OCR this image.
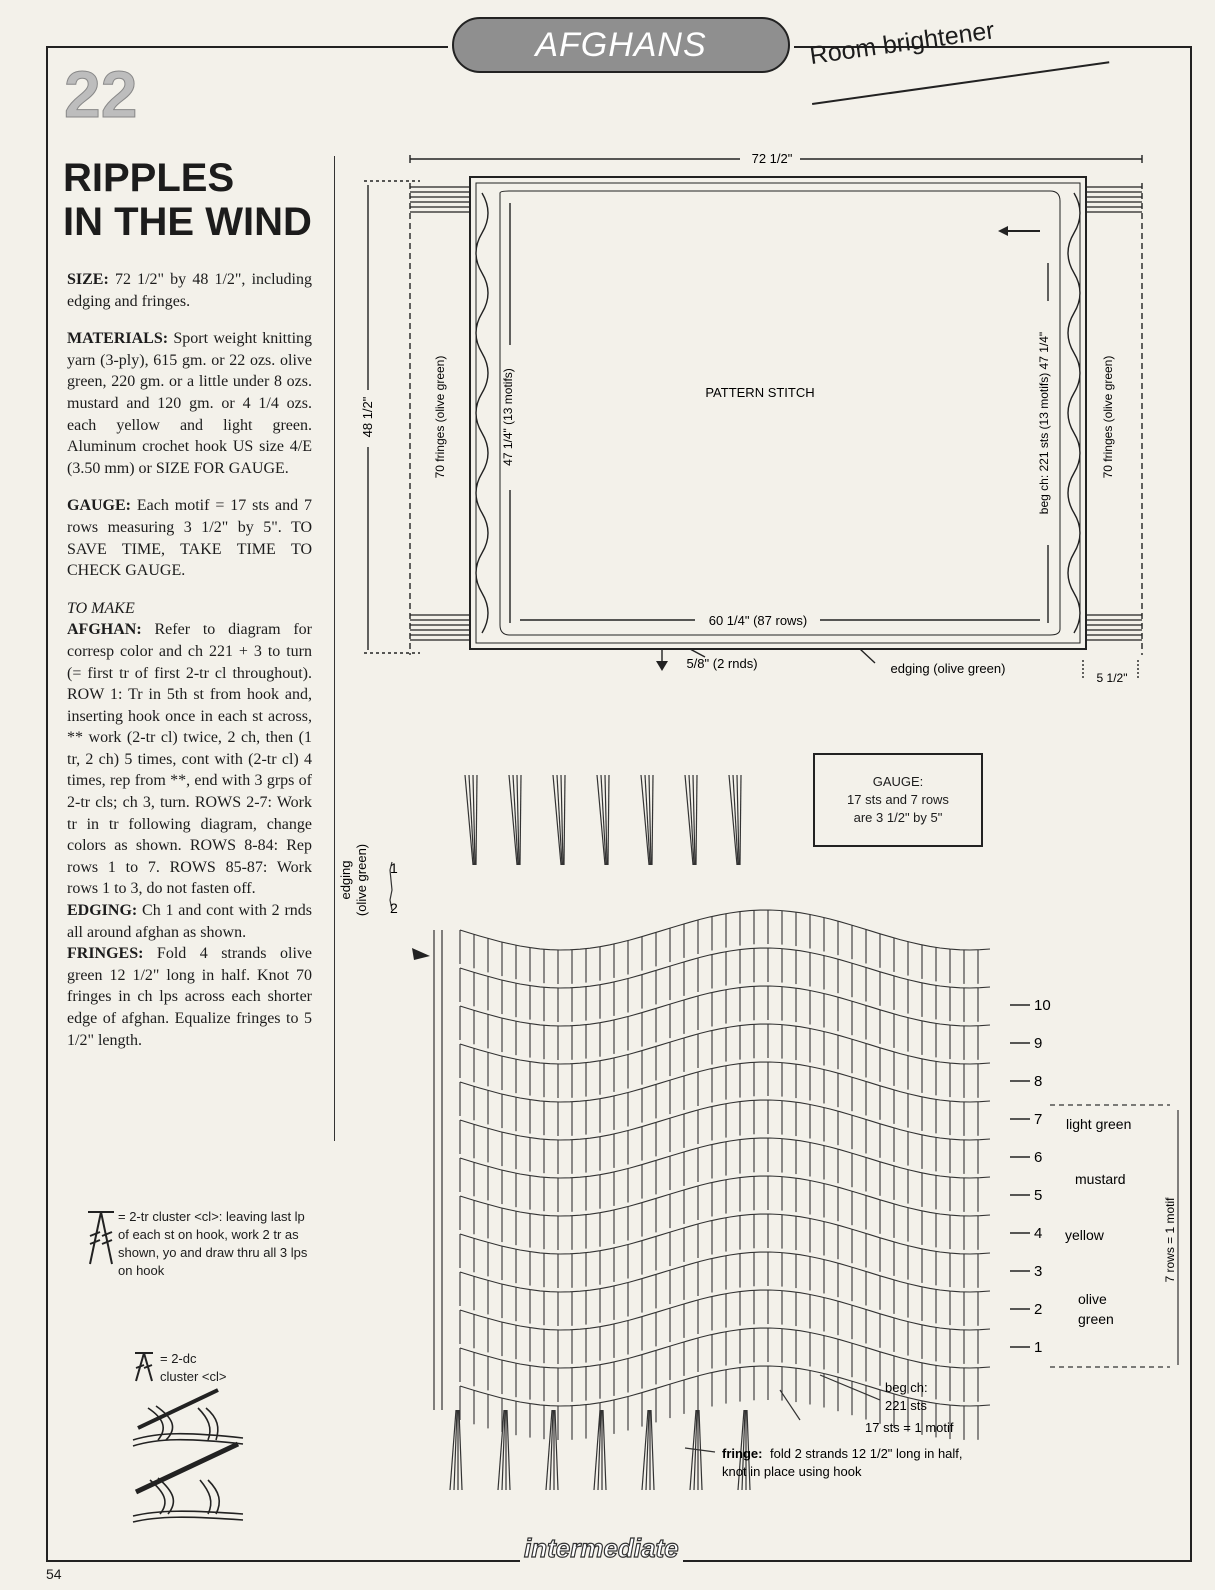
AFGHANS	Room brightener
22
RIPPLES
IN THE WIND

SIZE: 72 1/2" by 48 1/2", including edging and fringes.

MATERIALS: Sport weight knitting yarn (3-ply), 615 gm. or 22 ozs. olive green, 220 gm. or a little under 8 ozs. mustard and 120 gm. or 4 1/4 ozs. each yellow and light green. Aluminum crochet hook US size 4/E (3.50 mm) or SIZE FOR GAUGE.

GAUGE: Each motif = 17 sts and 7 rows measuring 3 1/2" by 5". TO SAVE TIME, TAKE TIME TO CHECK GAUGE.

TO MAKE
AFGHAN: Refer to diagram for corresp color and ch 221 + 3 to turn (= first tr of first 2-tr cl throughout). ROW 1: Tr in 5th st from hook and, inserting hook once in each st across, ** work (2-tr cl) twice, 2 ch, then (1 tr, 2 ch) 5 times, cont with (2-tr cl) 4 times, rep from **, end with 3 grps of 2-tr cls; ch 3, turn. ROWS 2-7: Work tr in tr following diagram, change colors as shown. ROWS 8-84: Rep rows 1 to 7. ROWS 85-87: Work rows 1 to 3, do not fasten off.
EDGING: Ch 1 and cont with 2 rnds all around afghan as shown.
FRINGES: Fold 4 strands olive green 12 1/2" long in half. Knot 70 fringes in ch lps across each shorter edge of afghan. Equalize fringes to 5 1/2" length.
= 2-tr cluster <cl>: leaving last lp of each st on hook, work 2 tr as shown, yo and draw thru all 3 lps on hook
= 2-dc
cluster <cl>
72 1/2"
48 1/2"	70 fringes (olive green)	47 1/4" (13 motifs)	beg ch: 221 sts (13 motifs) 47 1/4"	70 fringes (olive green)
PATTERN STITCH
60 1/4" (87 rows)
5/8" (2 rnds)	edging (olive green)
5 1/2"
GAUGE:
17 sts and 7 rows
are 3 1/2" by 5"
edging (olive green) 1
2
10
9
8
7
6
5
4
3
2
1
light green
mustard
yellow
olive
green
7 rows = 1 motif
beg ch:
221 sts
17 sts = 1 motif
fringe: fold 2 strands 12 1/2" long in half,
knot in place using hook
54
intermediate
